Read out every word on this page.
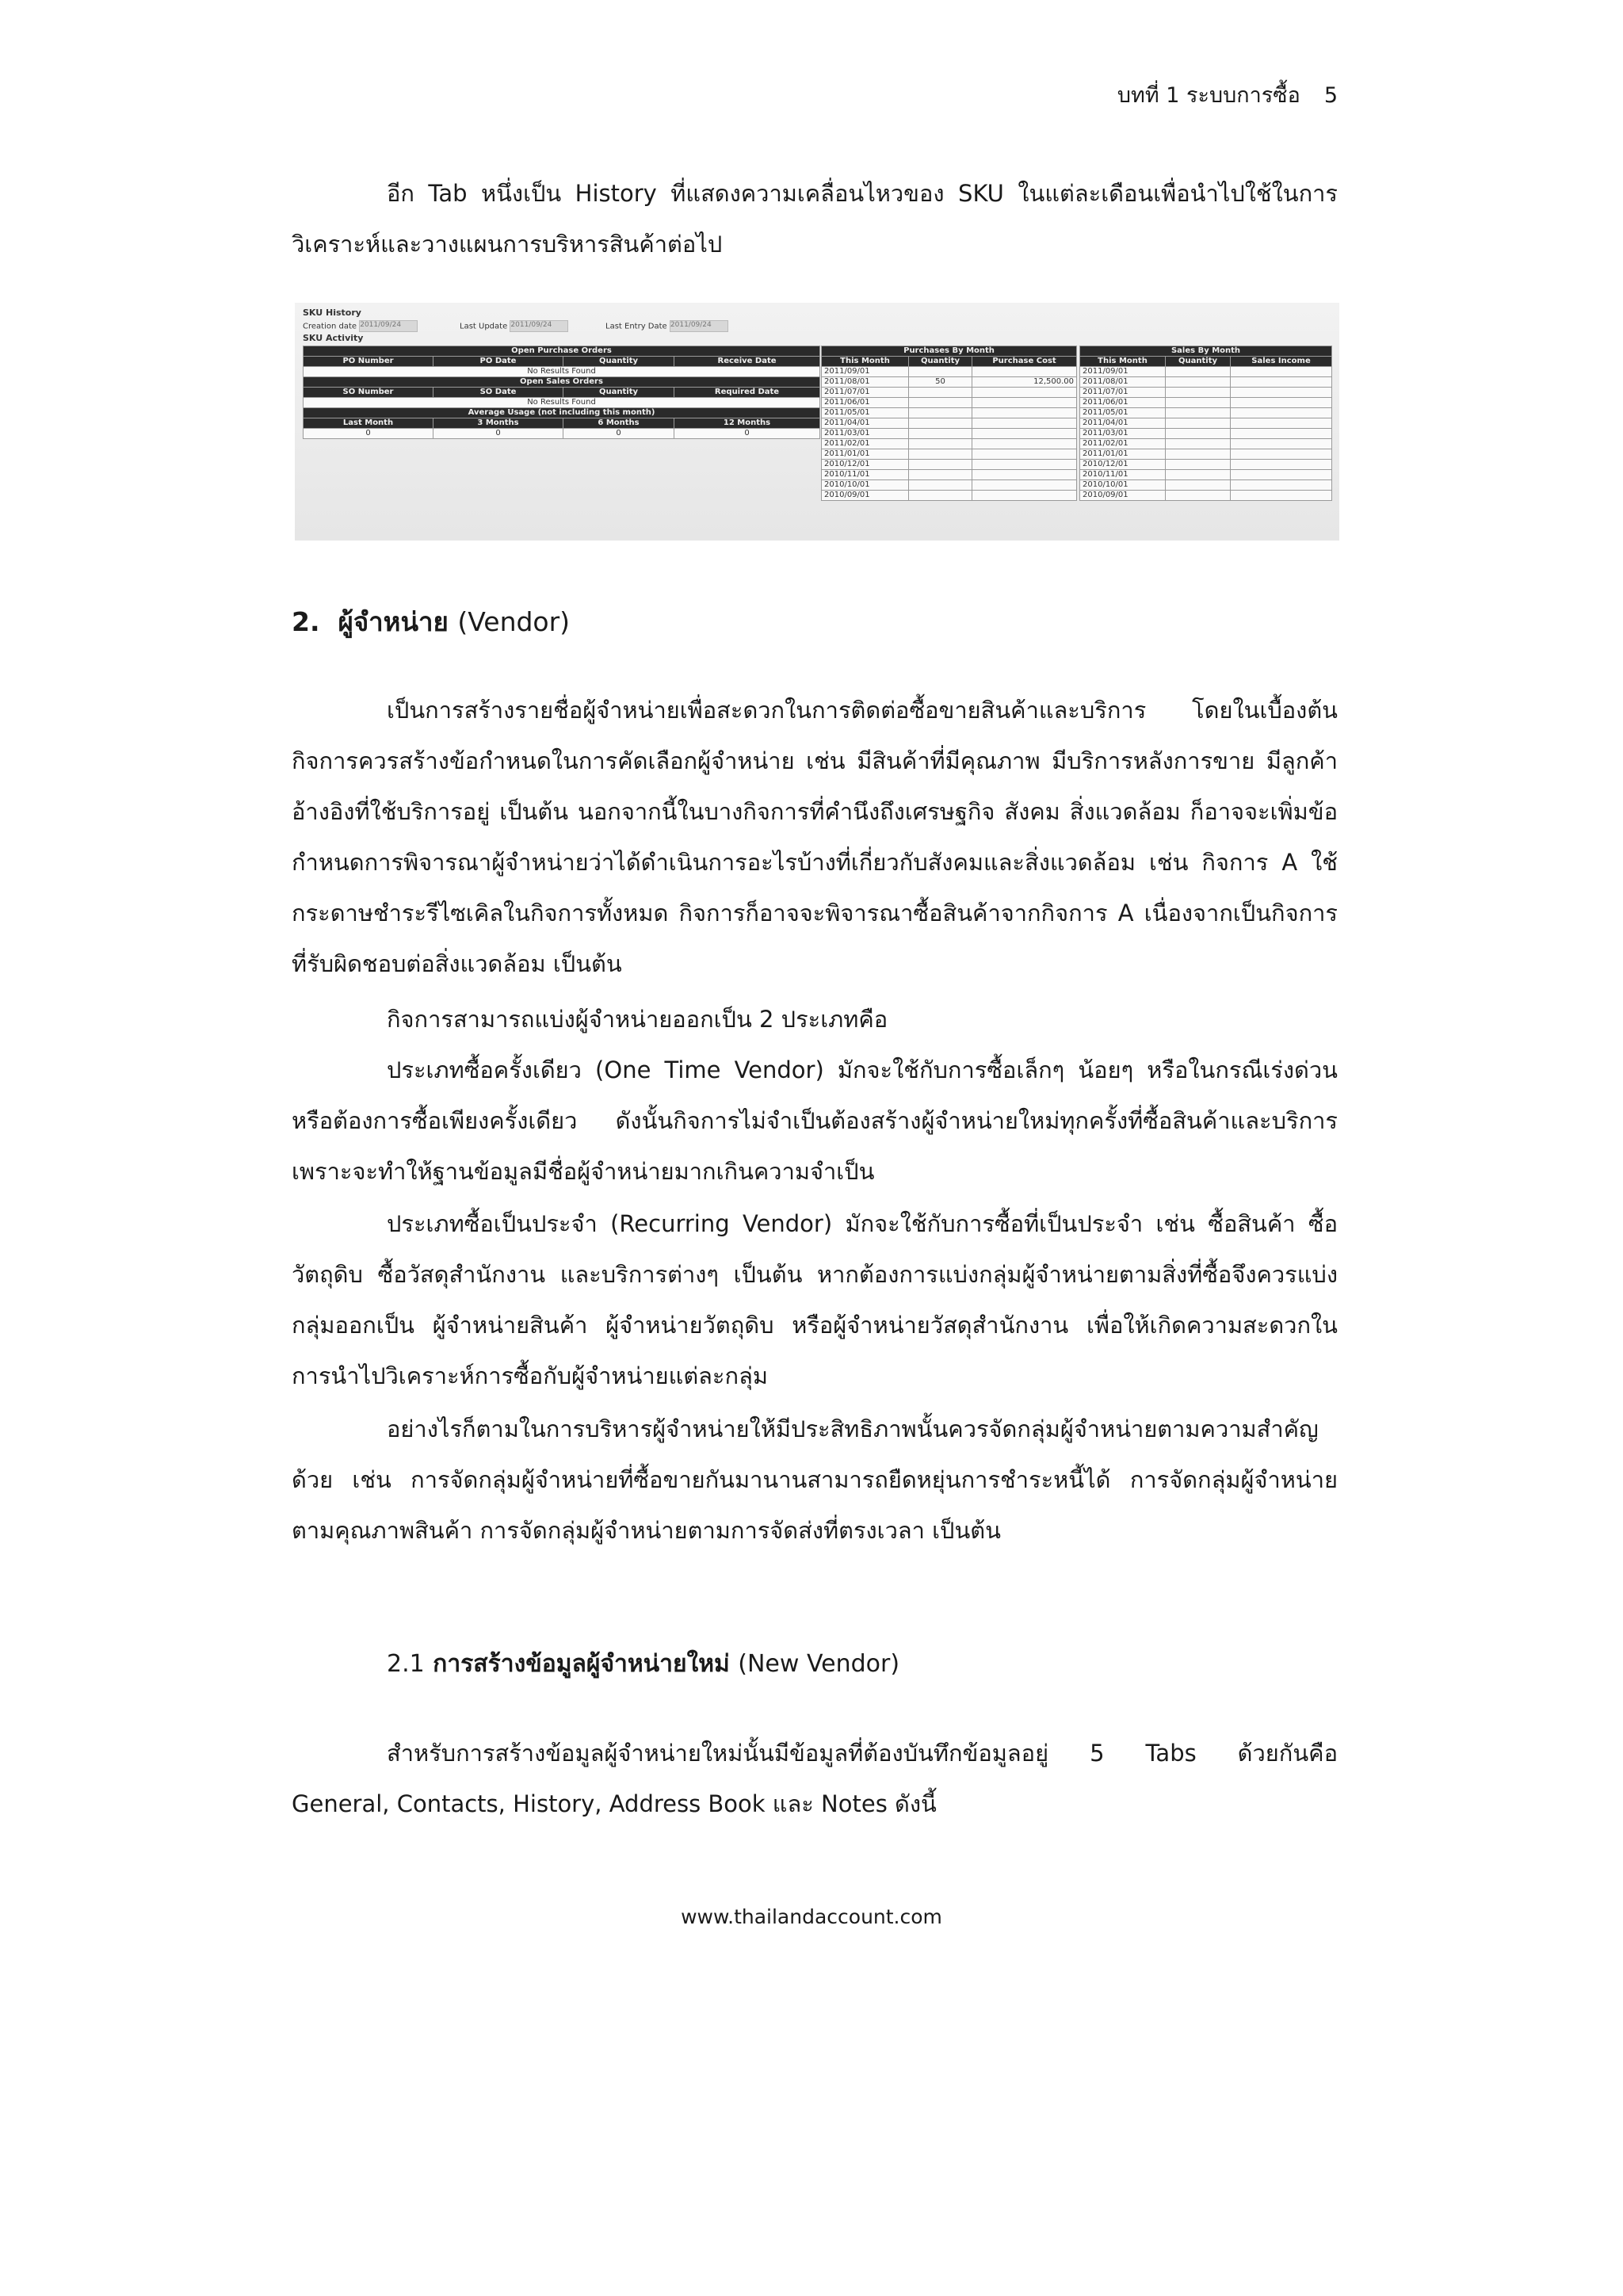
บทที่ 1 ระบบการซื้อ 5

อีก Tab หนึ่งเป็น History ที่แสดงความเคลื่อนไหวของ SKU ในแต่ละเดือนเพื่อนำไปใช้ในการวิเคราะห์และวางแผนการบริหารสินค้าต่อไป

SKU History
Creation date 2011/09/24	Last Update 2011/09/24	Last Entry Date 2011/09/24
SKU Activity
Open Purchase Orders			
PO Number	PO Date	Quantity	Receive Date
No Results Found			
Open Sales Orders			
SO Number	SO Date	Quantity	Required Date
No Results Found			
Average Usage (not including this month)			
Last Month	3 Months	6 Months	12 Months
0	0	0	0
Purchases By Month		
This Month	Quantity	Purchase Cost
2011/09/01		
2011/08/01	50	12,500.00
2011/07/01		
2011/06/01		
2011/05/01		
2011/04/01		
2011/03/01		
2011/02/01		
2011/01/01		
2010/12/01		
2010/11/01		
2010/10/01		
2010/09/01		
Sales By Month		
This Month	Quantity	Sales Income
2011/09/01		
2011/08/01		
2011/07/01		
2011/06/01		
2011/05/01		
2011/04/01		
2011/03/01		
2011/02/01		
2011/01/01		
2010/12/01		
2010/11/01		
2010/10/01		
2010/09/01		
2. ผู้จำหน่าย (Vendor)

เป็นการสร้างรายชื่อผู้จำหน่ายเพื่อสะดวกในการติดต่อซื้อขายสินค้าและบริการ โดยในเบื้องต้นกิจการควรสร้างข้อกำหนดในการคัดเลือกผู้จำหน่าย เช่น มีสินค้าที่มีคุณภาพ มีบริการหลังการขาย มีลูกค้าอ้างอิงที่ใช้บริการอยู่ เป็นต้น นอกจากนี้ในบางกิจการที่คำนึงถึงเศรษฐกิจ สังคม สิ่งแวดล้อม ก็อาจจะเพิ่มข้อกำหนดการพิจารณาผู้จำหน่ายว่าได้ดำเนินการอะไรบ้างที่เกี่ยวกับสังคมและสิ่งแวดล้อม เช่น กิจการ A ใช้กระดาษชำระรีไซเคิลในกิจการทั้งหมด กิจการก็อาจจะพิจารณาซื้อสินค้าจากกิจการ A เนื่องจากเป็นกิจการที่รับผิดชอบต่อสิ่งแวดล้อม เป็นต้น

กิจการสามารถแบ่งผู้จำหน่ายออกเป็น 2 ประเภทคือ

ประเภทซื้อครั้งเดียว (One Time Vendor) มักจะใช้กับการซื้อเล็กๆ น้อยๆ หรือในกรณีเร่งด่วน หรือต้องการซื้อเพียงครั้งเดียว ดังนั้นกิจการไม่จำเป็นต้องสร้างผู้จำหน่ายใหม่ทุกครั้งที่ซื้อสินค้าและบริการ เพราะจะทำให้ฐานข้อมูลมีชื่อผู้จำหน่ายมากเกินความจำเป็น

ประเภทซื้อเป็นประจำ (Recurring Vendor) มักจะใช้กับการซื้อที่เป็นประจำ เช่น ซื้อสินค้า ซื้อวัตถุดิบ ซื้อวัสดุสำนักงาน และบริการต่างๆ เป็นต้น หากต้องการแบ่งกลุ่มผู้จำหน่ายตามสิ่งที่ซื้อจึงควรแบ่งกลุ่มออกเป็น ผู้จำหน่ายสินค้า ผู้จำหน่ายวัตถุดิบ หรือผู้จำหน่ายวัสดุสำนักงาน เพื่อให้เกิดความสะดวกในการนำไปวิเคราะห์การซื้อกับผู้จำหน่ายแต่ละกลุ่ม

อย่างไรก็ตามในการบริหารผู้จำหน่ายให้มีประสิทธิภาพนั้นควรจัดกลุ่มผู้จำหน่ายตามความสำคัญด้วย เช่น การจัดกลุ่มผู้จำหน่ายที่ซื้อขายกันมานานสามารถยืดหยุ่นการชำระหนี้ได้ การจัดกลุ่มผู้จำหน่ายตามคุณภาพสินค้า การจัดกลุ่มผู้จำหน่ายตามการจัดส่งที่ตรงเวลา เป็นต้น

2.1 การสร้างข้อมูลผู้จำหน่ายใหม่ (New Vendor)

สำหรับการสร้างข้อมูลผู้จำหน่ายใหม่นั้นมีข้อมูลที่ต้องบันทึกข้อมูลอยู่ 5 Tabs ด้วยกันคือ General, Contacts, History, Address Book และ Notes ดังนี้

www.thailandaccount.com
